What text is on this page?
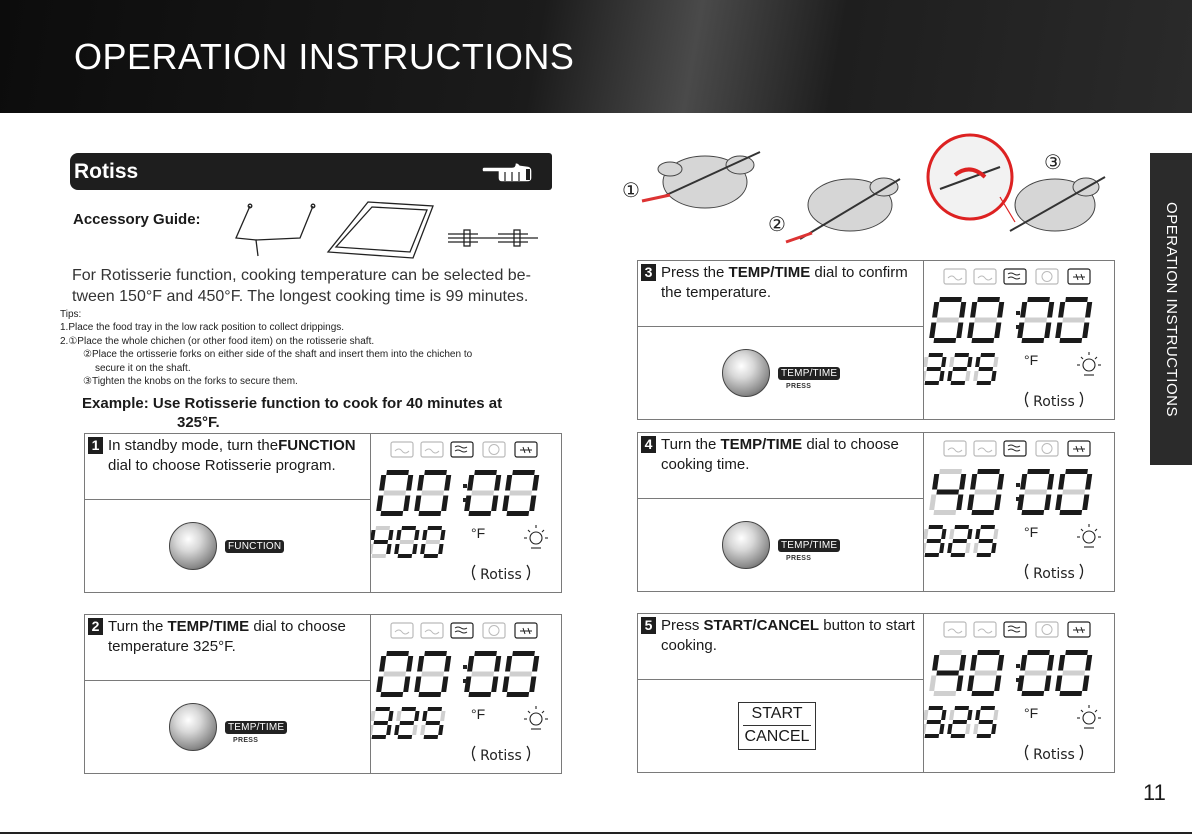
OPERATION INSTRUCTIONS
OPERATION INSTRUCTIONS
Rotiss
Accessory Guide:
For Rotisserie function, cooking temperature can be selected be-tween 150°F and 450°F. The longest cooking time is 99 minutes.
Tips:
1.Place the food tray in the low rack position to collect drippings.
2.①Place the whole chichen (or other food item) on the rotisserie shaft.
②Place the ortisserie forks on either side of the shaft and insert them into the chichen to
secure it on the shaft.
③Tighten the knobs on the forks to secure them.
Example: Use Rotisserie function to cook for 40 minutes at
325°F.
①
②
③
1 In standby mode, turn theFUNCTION dial to choose Rotisserie program.
FUNCTION
°F
Rotiss
2 Turn the TEMP/TIME dial to choose temperature 325°F.
TEMP/TIME
PRESS
°F
Rotiss
3 Press the TEMP/TIME dial to confirm the temperature.
TEMP/TIME
PRESS
°F
Rotiss
4 Turn the TEMP/TIME dial to choose cooking time.
TEMP/TIME
PRESS
°F
Rotiss
5 Press START/CANCEL button to start cooking.
START
CANCEL
°F
Rotiss
11
